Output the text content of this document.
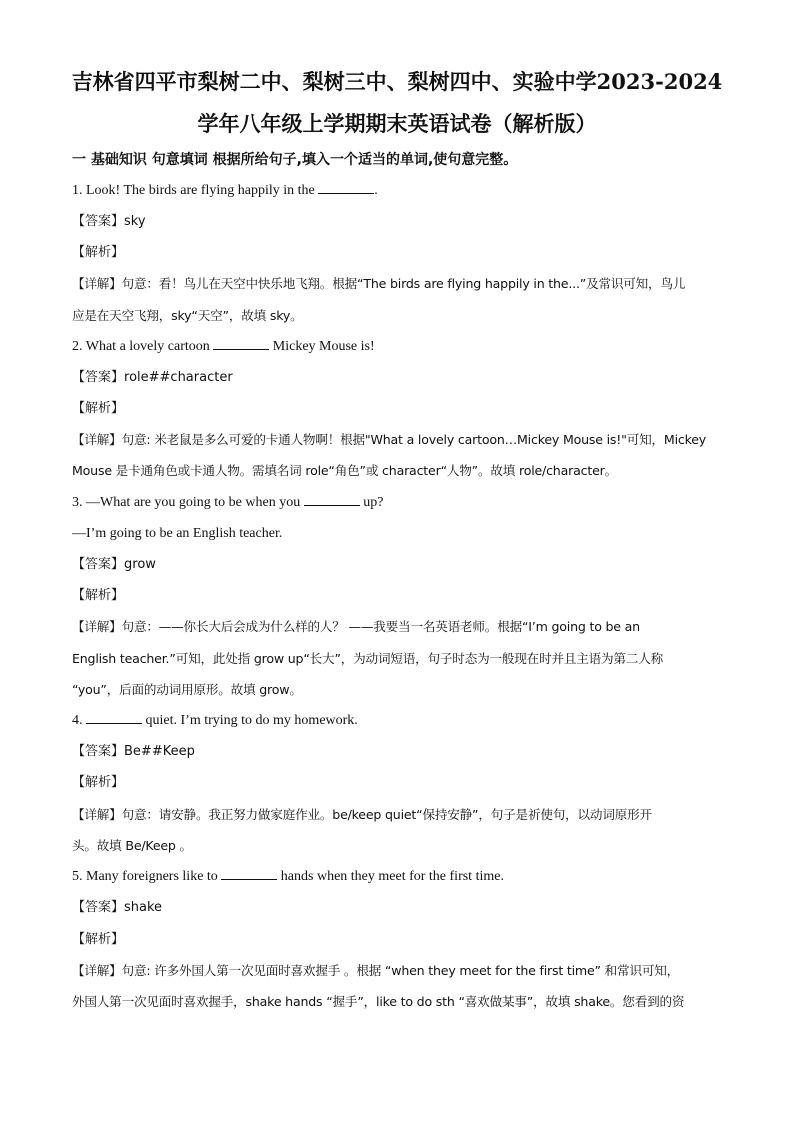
吉林省四平市梨树二中、梨树三中、梨树四中、实验中学2023-2024
学年八年级上学期期末英语试卷（解析版）
一 基础知识 句意填词 根据所给句子,填入一个适当的单词,使句意完整。
1. Look! The birds are flying happily in the	.
【答案】sky
【解析】
【详解】句意：看！鸟儿在天空中快乐地飞翔。根据“The birds are flying happily in the...”及常识可知，鸟儿
应是在天空飞翔，sky“天空”，故填 sky。
2. What a lovely cartoon	Mickey Mouse is!
【答案】role##character
【解析】
【详解】句意: 米老鼠是多么可爱的卡通人物啊！根据"What a lovely cartoon…Mickey Mouse is!"可知，Mickey
Mouse 是卡通角色或卡通人物。需填名词 role“角色”或 character“人物”。故填 role/character。
3. —What are you going to be when you	up?
—I’m going to be an English teacher.
【答案】grow
【解析】
【详解】句意：——你长大后会成为什么样的人？ ——我要当一名英语老师。根据“I’m going to be an
English teacher.”可知，此处指 grow up“长大”，为动词短语，句子时态为一般现在时并且主语为第二人称
“you”，后面的动词用原形。故填 grow。
4.	quiet. I’m trying to do my homework.
【答案】Be##Keep
【解析】
【详解】句意：请安静。我正努力做家庭作业。be/keep quiet“保持安静”，句子是祈使句，以动词原形开
头。故填 Be/Keep 。
5. Many foreigners like to	hands when they meet for the first time.
【答案】shake
【解析】
【详解】句意: 许多外国人第一次见面时喜欢握手 。根据 “when they meet for the first time” 和常识可知，
外国人第一次见面时喜欢握手，shake hands “握手”，like to do sth “喜欢做某事”，故填 shake。您看到的资
